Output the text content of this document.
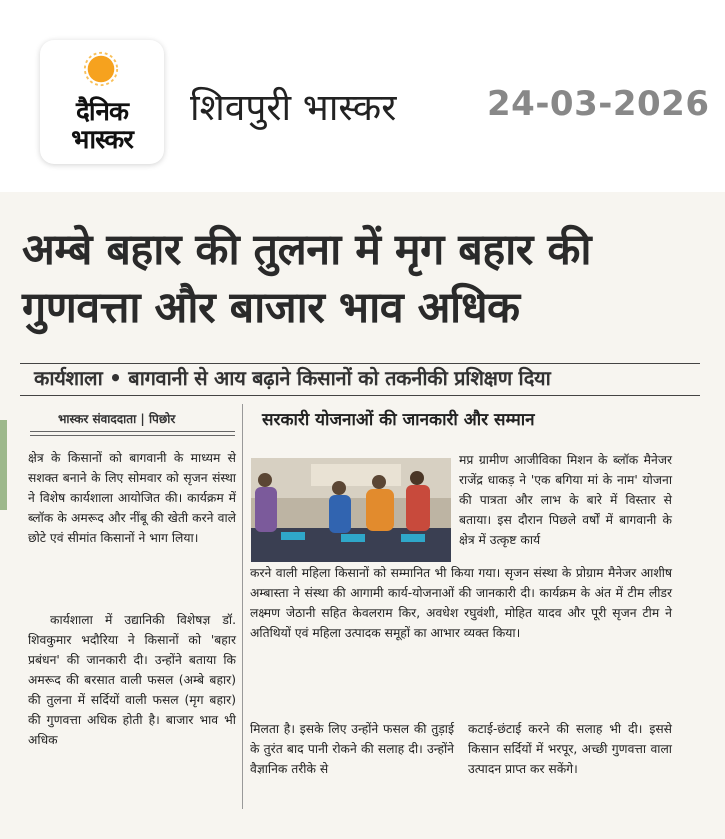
दैनिक
भास्कर
शिवपुरी भास्कर	24-03-2026
अम्बे बहार की तुलना में मृग बहार की गुणवत्ता और बाजार भाव अधिक
कार्यशाला • बागवानी से आय बढ़ाने किसानों को तकनीकी प्रशिक्षण दिया
भास्कर संवाददाता | पिछोर	सरकारी योजनाओं की जानकारी और सम्मान

क्षेत्र के किसानों को बागवानी के माध्यम से सशक्त बनाने के लिए सोमवार को सृजन संस्था ने विशेष कार्यशाला आयोजित की। कार्यक्रम में ब्लॉक के अमरूद और नींबू की खेती करने वाले छोटे एवं सीमांत किसानों ने भाग लिया।

कार्यशाला में उद्यानिकी विशेषज्ञ डॉ. शिवकुमार भदौरिया ने किसानों को 'बहार प्रबंधन' की जानकारी दी। उन्होंने बताया कि अमरूद की बरसात वाली फसल (अम्बे बहार) की तुलना में सर्दियों वाली फसल (मृग बहार) की गुणवत्ता अधिक होती है। बाजार भाव भी अधिक

मप्र ग्रामीण आजीविका मिशन के ब्लॉक मैनेजर राजेंद्र धाकड़ ने 'एक बगिया मां के नाम' योजना की पात्रता और लाभ के बारे में विस्तार से बताया। इस दौरान पिछले वर्षों में बागवानी के क्षेत्र में उत्कृष्ट कार्य

करने वाली महिला किसानों को सम्मानित भी किया गया। सृजन संस्था के प्रोग्राम मैनेजर आशीष अम्बास्ता ने संस्था की आगामी कार्य-योजनाओं की जानकारी दी। कार्यक्रम के अंत में टीम लीडर लक्ष्मण जेठानी सहित केवलराम किर, अवधेश रघुवंशी, मोहित यादव और पूरी सृजन टीम ने अतिथियों एवं महिला उत्पादक समूहों का आभार व्यक्त किया।

मिलता है। इसके लिए उन्होंने फसल की तुड़ाई के तुरंत बाद पानी रोकने की सलाह दी। उन्होंने वैज्ञानिक तरीके से

कटाई-छंटाई करने की सलाह भी दी। इससे किसान सर्दियों में भरपूर, अच्छी गुणवत्ता वाला उत्पादन प्राप्त कर सकेंगे।
